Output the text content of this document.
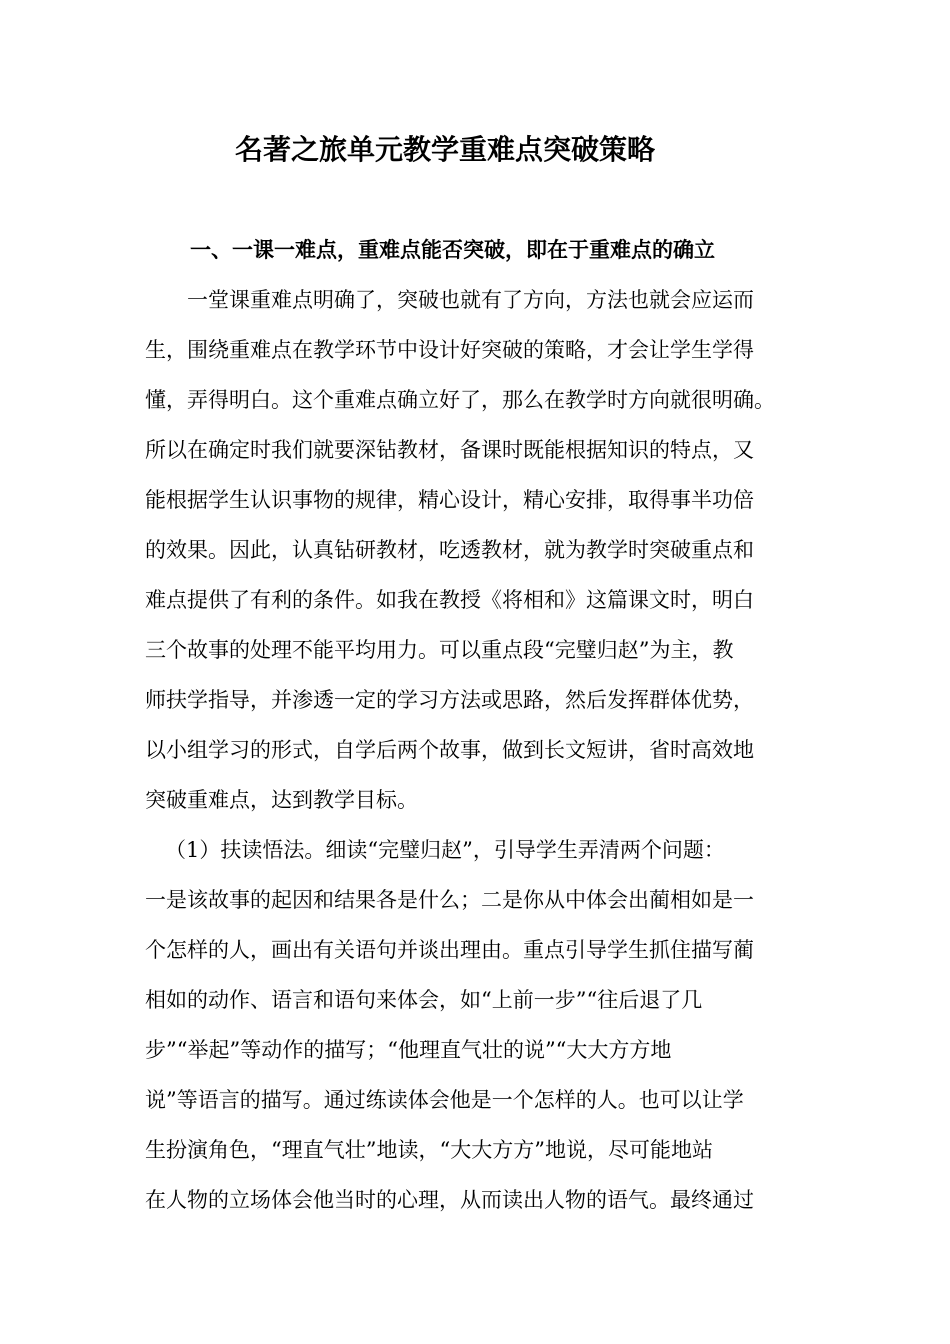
名著之旅单元教学重难点突破策略
一、一课一难点，重难点能否突破，即在于重难点的确立
一堂课重难点明确了，突破也就有了方向，方法也就会应运而
生，围绕重难点在教学环节中设计好突破的策略，才会让学生学得
懂，弄得明白。这个重难点确立好了，那么在教学时方向就很明确。
所以在确定时我们就要深钻教材，备课时既能根据知识的特点，又
能根据学生认识事物的规律，精心设计，精心安排，取得事半功倍
的效果。因此，认真钻研教材，吃透教材，就为教学时突破重点和
难点提供了有利的条件。如我在教授《将相和》这篇课文时，明白
三个故事的处理不能平均用力。可以重点段“完璧归赵”为主，教
师扶学指导，并渗透一定的学习方法或思路，然后发挥群体优势，
以小组学习的形式，自学后两个故事，做到长文短讲，省时高效地
突破重难点，达到教学目标。
（1）扶读悟法。细读“完璧归赵”，引导学生弄清两个问题：
一是该故事的起因和结果各是什么；二是你从中体会出蔺相如是一
个怎样的人，画出有关语句并谈出理由。重点引导学生抓住描写蔺
相如的动作、语言和语句来体会，如“上前一步”“往后退了几
步”“举起”等动作的描写；“他理直气壮的说”“大大方方地
说”等语言的描写。通过练读体会他是一个怎样的人。也可以让学
生扮演角色，“理直气壮”地读，“大大方方”地说，尽可能地站
在人物的立场体会他当时的心理，从而读出人物的语气。最终通过
